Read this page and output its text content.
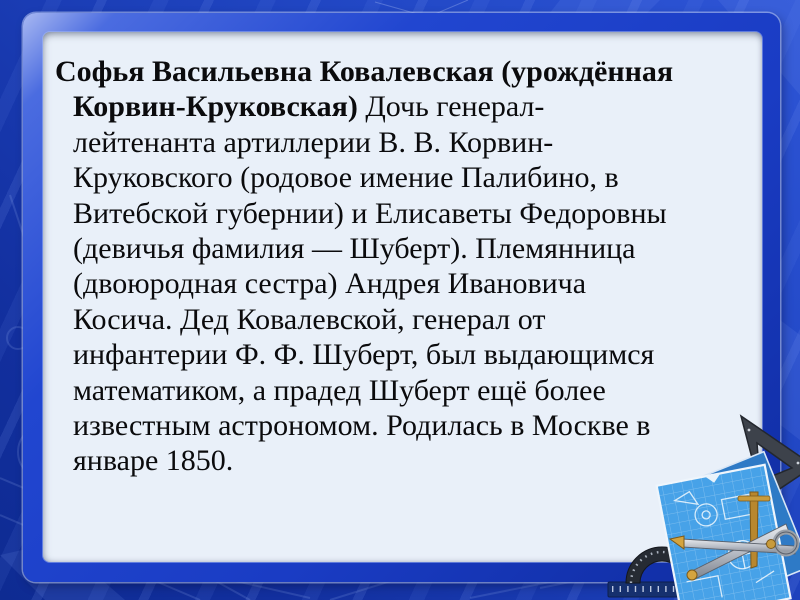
Софья Васильевна Ковалевская (урождённая
Корвин-Круковская) Дочь генерал-
лейтенанта артиллерии В. В. Корвин-
Круковского (родовое имение Палибино, в
Витебской губернии) и Елисаветы Федоровны
(девичья фамилия — Шуберт). Племянница
(двоюродная сестра) Андрея Ивановича
Косича. Дед Ковалевской, генерал от
инфантерии Ф. Ф. Шуберт, был выдающимся
математиком, а прадед Шуберт ещё более
известным астрономом. Родилась в Москве в
январе 1850.
